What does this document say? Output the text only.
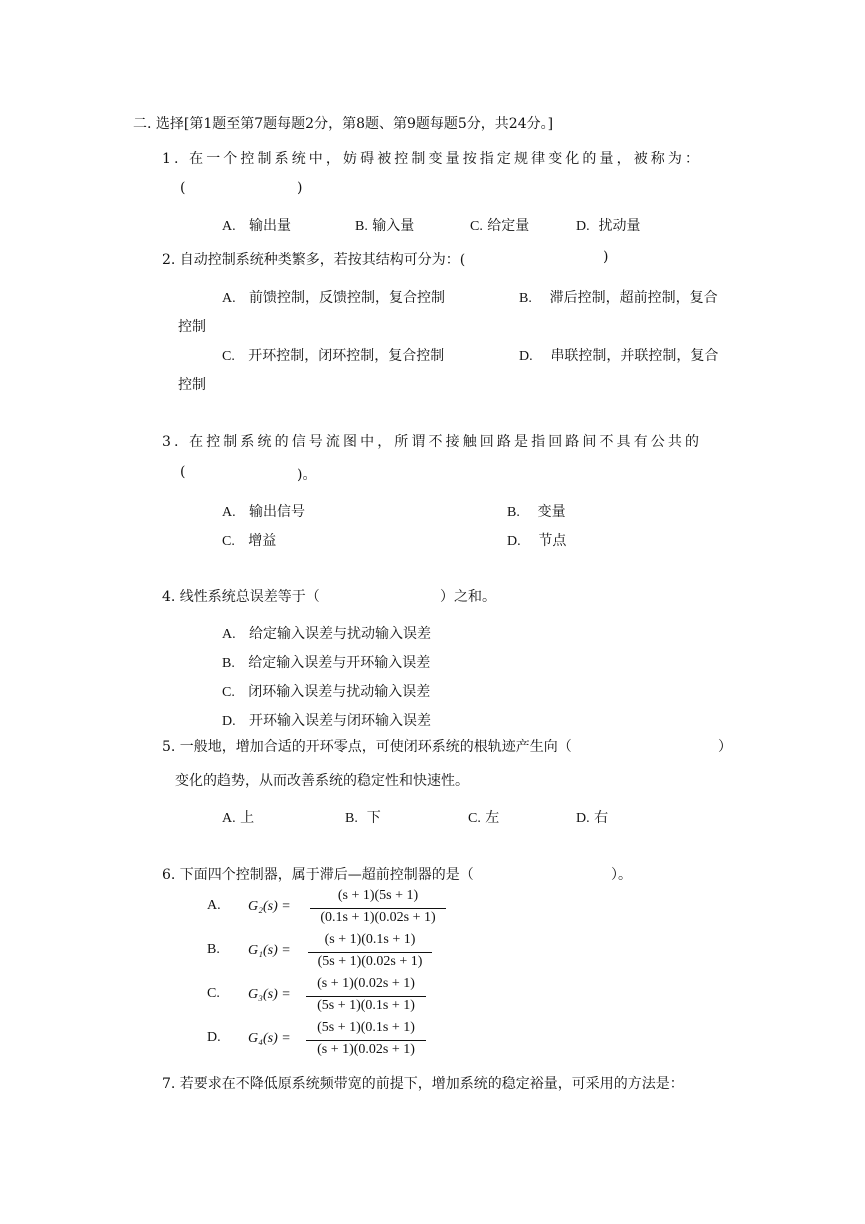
二. 选择[第1题至第7题每题2分，第8题、第9题每题5分，共24分。]
1. 在一个控制系统中，妨碍被控制变量按指定规律变化的量，被称为：
(	)
A. 输出量	B. 输入量	C. 给定量	D. 扰动量
2. 自动控制系统种类繁多，若按其结构可分为：(	)
A. 前馈控制，反馈控制，复合控制	B. 滞后控制，超前控制，复合
控制
C. 开环控制，闭环控制，复合控制	D. 串联控制，并联控制，复合
控制
3. 在控制系统的信号流图中，所谓不接触回路是指回路间不具有公共的
(	)。
A. 输出信号	B. 变量
C. 增益	D. 节点
4. 线性系统总误差等于（	）之和。
A. 给定输入误差与扰动输入误差
B. 给定输入误差与开环输入误差
C. 闭环输入误差与扰动输入误差
D. 开环输入误差与闭环输入误差
5. 一般地，增加合适的开环零点，可使闭环系统的根轨迹产生向（	）
变化的趋势，从而改善系统的稳定性和快速性。
A. 上	B. 下	C. 左	D. 右
6. 下面四个控制器，属于滞后—超前控制器的是（	）。
A. G₂(s) =
(s + 1)(5s + 1)
(0.1s + 1)(0.02s + 1)
B. G₁(s) =
(s + 1)(0.1s + 1)
(5s + 1)(0.02s + 1)
C. G₃(s) =
(s + 1)(0.02s + 1)
(5s + 1)(0.1s + 1)
D. G₄(s) =
(5s + 1)(0.1s + 1)
(s + 1)(0.02s + 1)
7. 若要求在不降低原系统频带宽的前提下，增加系统的稳定裕量，可采用的方法是：
